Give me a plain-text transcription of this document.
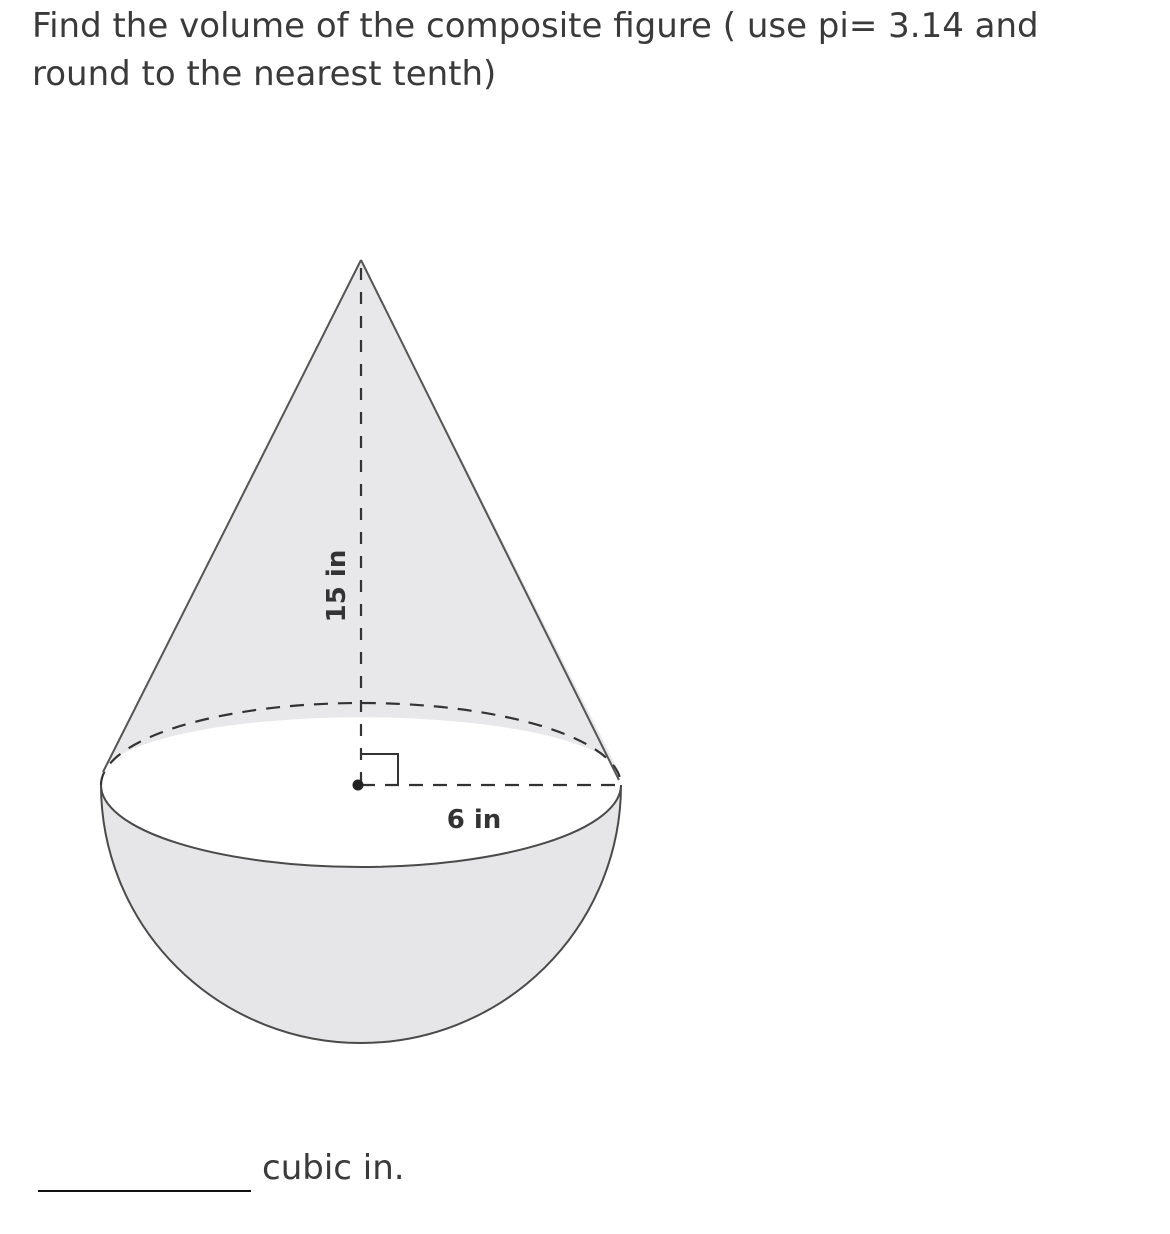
Find the volume of the composite figure ( use pi= 3.14 and round to the nearest tenth)
15 in
6 in
cubic in.
